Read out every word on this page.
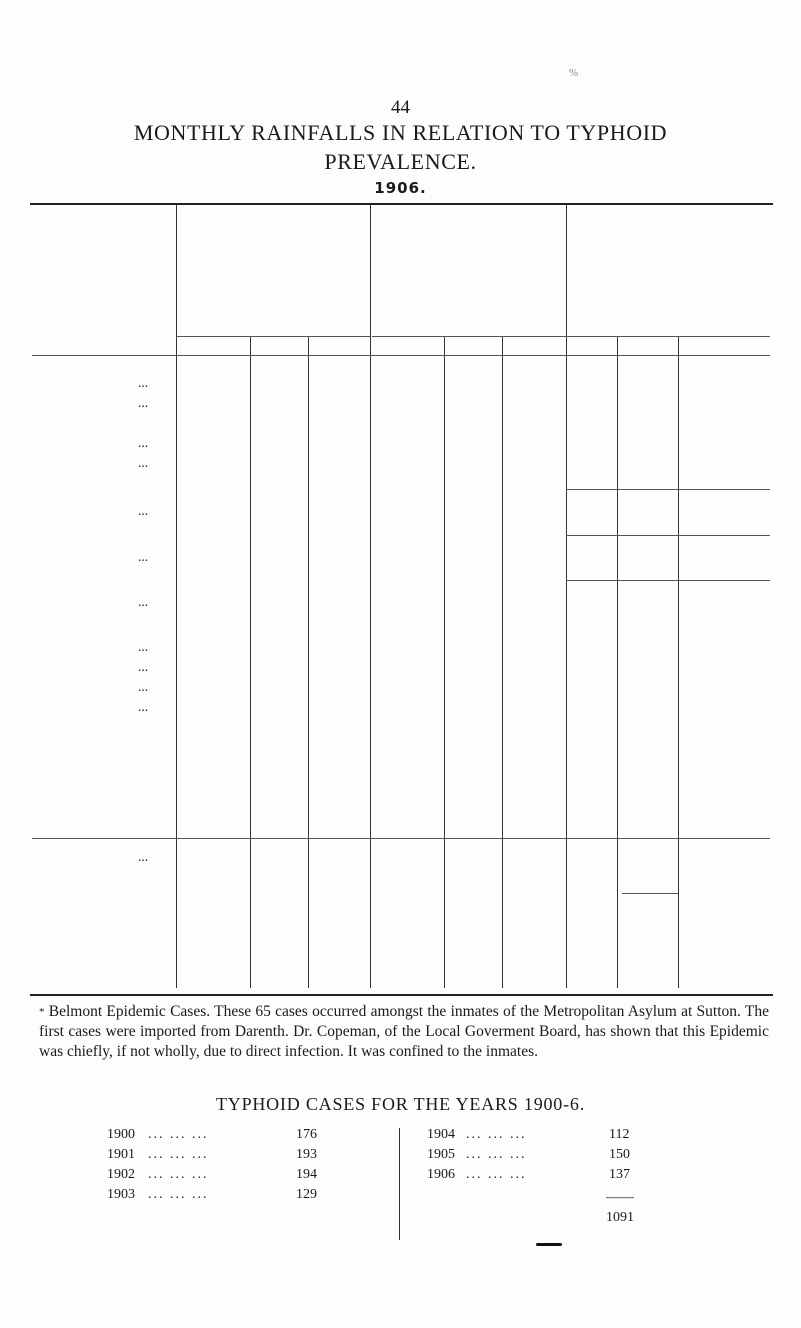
%
44
MONTHLY RAINFALLS IN RELATION TO TYPHOID
PREVALENCE.
1906.
...
...
...
...
...
...
...
...
...
...
...
...
* Belmont Epidemic Cases. These 65 cases occurred amongst the inmates of the Metropolitan Asylum at Sutton. The first cases were imported from Darenth. Dr. Copeman, of the Local Goverment Board, has shown that this Epidemic was chiefly, if not wholly, due to direct infection. It was confined to the inmates.
TYPHOID CASES FOR THE YEARS 1900-6.
1900 ... ... ...	176
1901 ... ... ...	193
1902 ... ... ...	194
1903 ... ... ...	129
1904 ... ... ...	112
1905 ... ... ...	150
1906 ... ... ...	137
——
1091
